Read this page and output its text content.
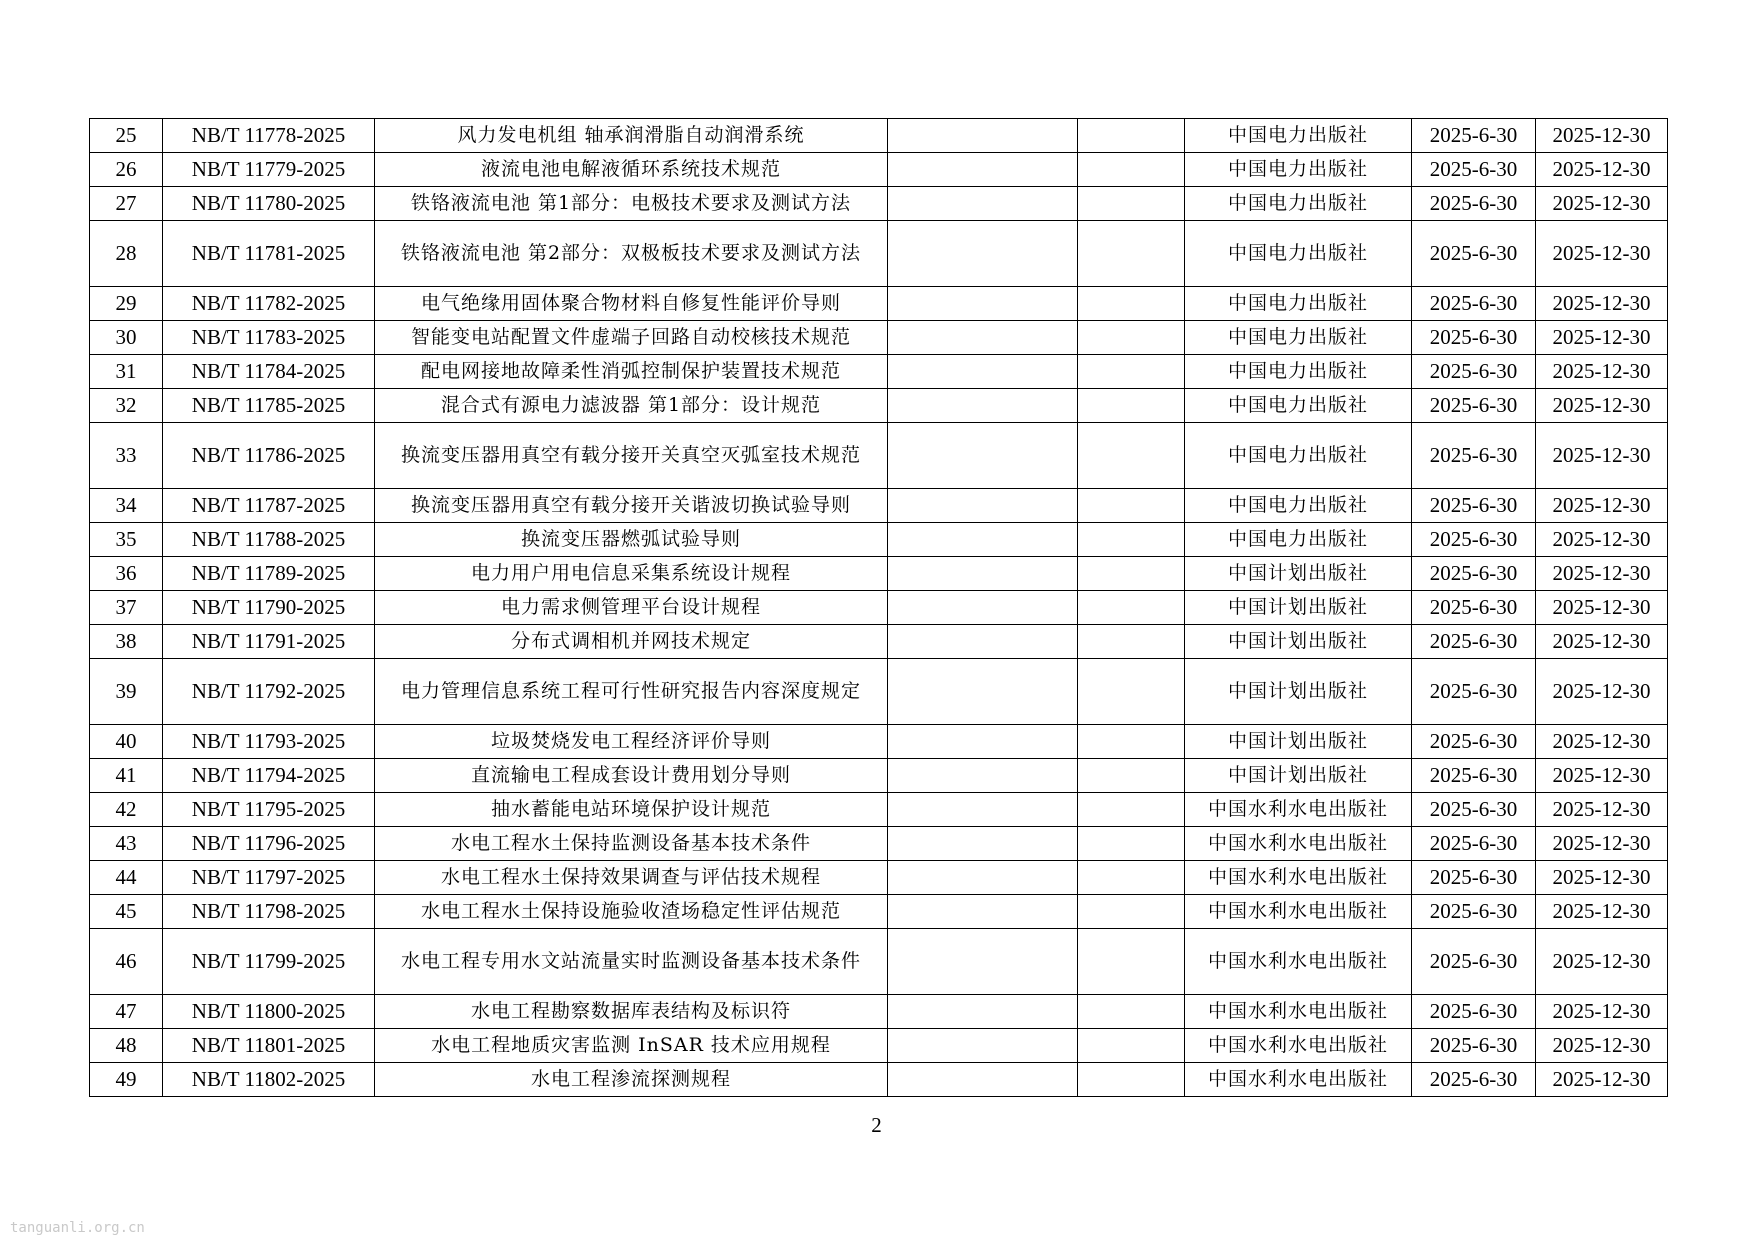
25	NB/T 11778-2025	风力发电机组 轴承润滑脂自动润滑系统			中国电力出版社	2025-6-30	2025-12-30
26	NB/T 11779-2025	液流电池电解液循环系统技术规范			中国电力出版社	2025-6-30	2025-12-30
27	NB/T 11780-2025	铁铬液流电池 第1部分：电极技术要求及测试方法			中国电力出版社	2025-6-30	2025-12-30
28	NB/T 11781-2025	铁铬液流电池 第2部分：双极板技术要求及测试方法			中国电力出版社	2025-6-30	2025-12-30
29	NB/T 11782-2025	电气绝缘用固体聚合物材料自修复性能评价导则			中国电力出版社	2025-6-30	2025-12-30
30	NB/T 11783-2025	智能变电站配置文件虚端子回路自动校核技术规范			中国电力出版社	2025-6-30	2025-12-30
31	NB/T 11784-2025	配电网接地故障柔性消弧控制保护装置技术规范			中国电力出版社	2025-6-30	2025-12-30
32	NB/T 11785-2025	混合式有源电力滤波器 第1部分：设计规范			中国电力出版社	2025-6-30	2025-12-30
33	NB/T 11786-2025	换流变压器用真空有载分接开关真空灭弧室技术规范			中国电力出版社	2025-6-30	2025-12-30
34	NB/T 11787-2025	换流变压器用真空有载分接开关谐波切换试验导则			中国电力出版社	2025-6-30	2025-12-30
35	NB/T 11788-2025	换流变压器燃弧试验导则			中国电力出版社	2025-6-30	2025-12-30
36	NB/T 11789-2025	电力用户用电信息采集系统设计规程			中国计划出版社	2025-6-30	2025-12-30
37	NB/T 11790-2025	电力需求侧管理平台设计规程			中国计划出版社	2025-6-30	2025-12-30
38	NB/T 11791-2025	分布式调相机并网技术规定			中国计划出版社	2025-6-30	2025-12-30
39	NB/T 11792-2025	电力管理信息系统工程可行性研究报告内容深度规定			中国计划出版社	2025-6-30	2025-12-30
40	NB/T 11793-2025	垃圾焚烧发电工程经济评价导则			中国计划出版社	2025-6-30	2025-12-30
41	NB/T 11794-2025	直流输电工程成套设计费用划分导则			中国计划出版社	2025-6-30	2025-12-30
42	NB/T 11795-2025	抽水蓄能电站环境保护设计规范			中国水利水电出版社	2025-6-30	2025-12-30
43	NB/T 11796-2025	水电工程水土保持监测设备基本技术条件			中国水利水电出版社	2025-6-30	2025-12-30
44	NB/T 11797-2025	水电工程水土保持效果调查与评估技术规程			中国水利水电出版社	2025-6-30	2025-12-30
45	NB/T 11798-2025	水电工程水土保持设施验收渣场稳定性评估规范			中国水利水电出版社	2025-6-30	2025-12-30
46	NB/T 11799-2025	水电工程专用水文站流量实时监测设备基本技术条件			中国水利水电出版社	2025-6-30	2025-12-30
47	NB/T 11800-2025	水电工程勘察数据库表结构及标识符			中国水利水电出版社	2025-6-30	2025-12-30
48	NB/T 11801-2025	水电工程地质灾害监测 InSAR 技术应用规程			中国水利水电出版社	2025-6-30	2025-12-30
49	NB/T 11802-2025	水电工程渗流探测规程			中国水利水电出版社	2025-6-30	2025-12-30
2
tanguanli.org.cn
